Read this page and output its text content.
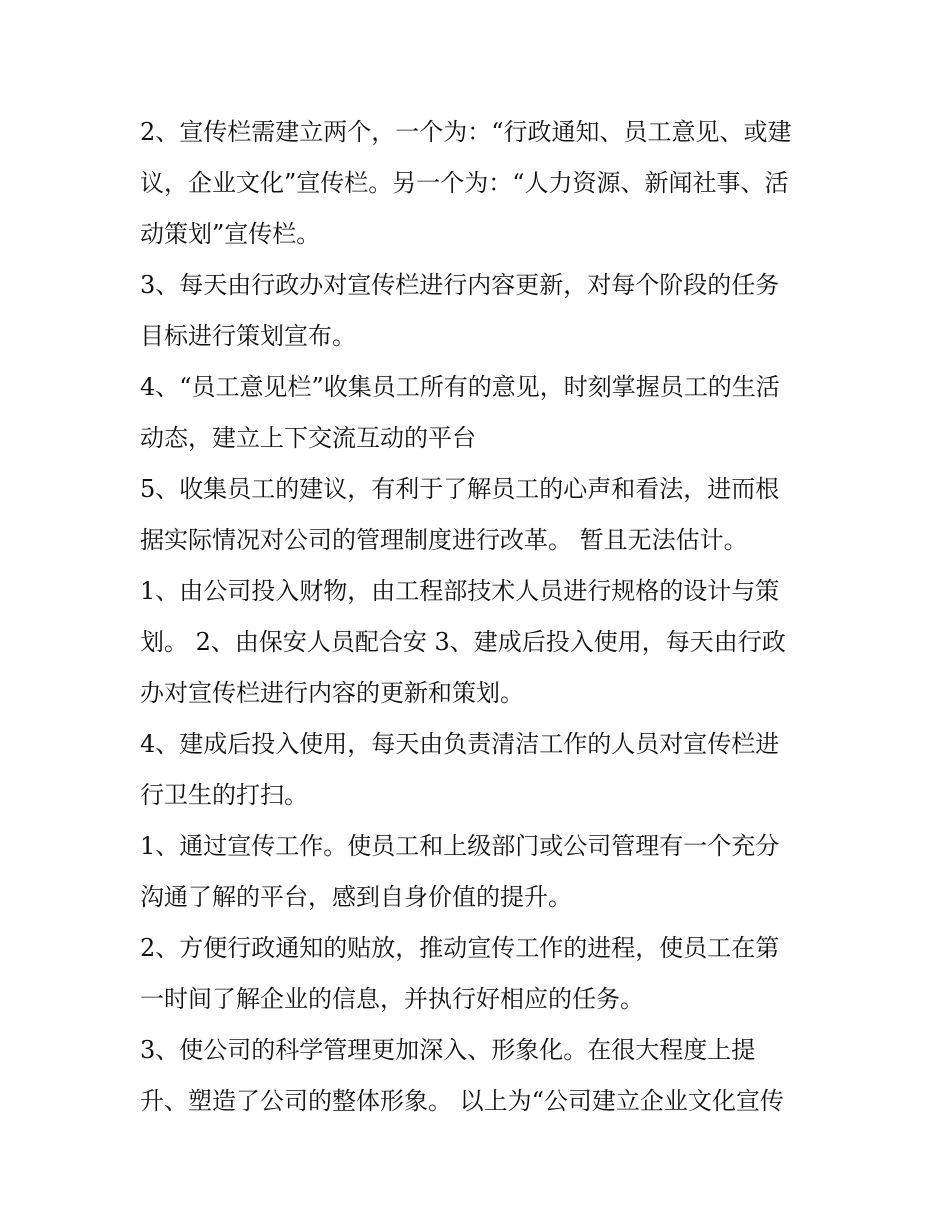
2、宣传栏需建立两个，一个为：“行政通知、员工意见、或建
议，企业文化”宣传栏。另一个为：“人力资源、新闻社事、活
动策划”宣传栏。
3、每天由行政办对宣传栏进行内容更新，对每个阶段的任务
目标进行策划宣布。
4、“员工意见栏”收集员工所有的意见，时刻掌握员工的生活
动态，建立上下交流互动的平台
5、收集员工的建议，有利于了解员工的心声和看法，进而根
据实际情况对公司的管理制度进行改革。 暂且无法估计。
1、由公司投入财物，由工程部技术人员进行规格的设计与策
划。 2、由保安人员配合安 3、建成后投入使用，每天由行政
办对宣传栏进行内容的更新和策划。
4、建成后投入使用，每天由负责清洁工作的人员对宣传栏进
行卫生的打扫。
1、通过宣传工作。使员工和上级部门或公司管理有一个充分
沟通了解的平台，感到自身价值的提升。
2、方便行政通知的贴放，推动宣传工作的进程，使员工在第
一时间了解企业的信息，并执行好相应的任务。
3、使公司的科学管理更加深入、形象化。在很大程度上提
升、塑造了公司的整体形象。 以上为“公司建立企业文化宣传
